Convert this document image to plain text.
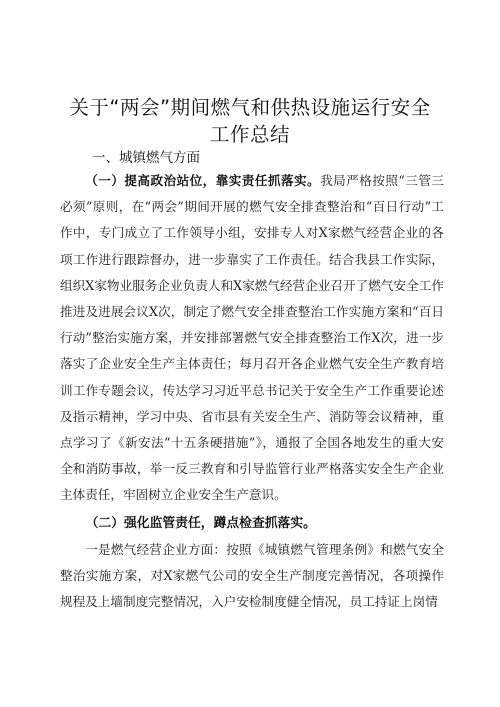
关于“两会”期间燃气和供热设施运行安全工作总结
一、城镇燃气方面
（一）提高政治站位，靠实责任抓落实。我局严格按照“三管三必须”原则，在“两会”期间开展的燃气安全排查整治和“百日行动”工作中，专门成立了工作领导小组，安排专人对X家燃气经营企业的各项工作进行跟踪督办，进一步靠实了工作责任。结合我县工作实际，组织X家物业服务企业负责人和X家燃气经营企业召开了燃气安全工作推进及进展会议X次，制定了燃气安全排查整治工作实施方案和“百日行动”整治实施方案，并安排部署燃气安全排查整治工作X次，进一步落实了企业安全生产主体责任；每月召开各企业燃气安全生产教育培训工作专题会议，传达学习习近平总书记关于安全生产工作重要论述及指示精神，学习中央、省市县有关安全生产、消防等会议精神，重点学习了《新安法“十五条硬措施”》，通报了全国各地发生的重大安全和消防事故，举一反三教育和引导监管行业严格落实安全生产企业主体责任，牢固树立企业安全生产意识。
（二）强化监管责任，蹲点检查抓落实。
一是燃气经营企业方面：按照《城镇燃气管理条例》和燃气安全整治实施方案，对X家燃气公司的安全生产制度完善情况，各项操作规程及上墙制度完整情况，入户安检制度健全情况，员工持证上岗情
